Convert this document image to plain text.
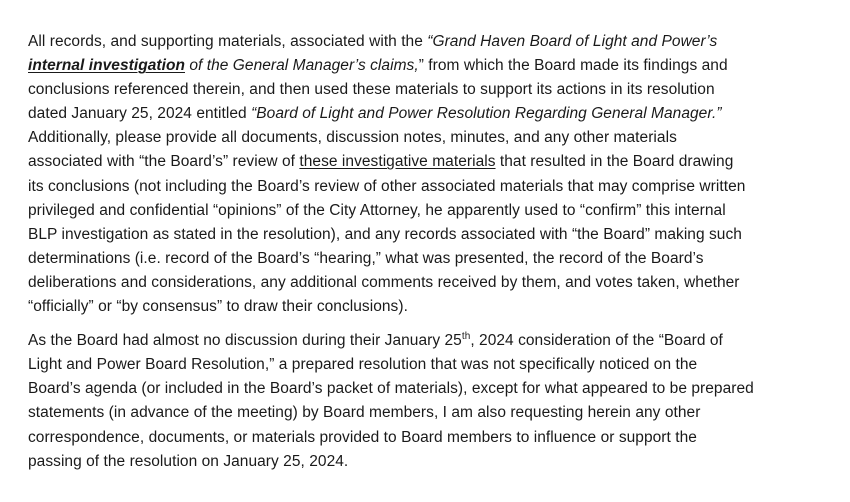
All records, and supporting materials, associated with the “Grand Haven Board of Light and Power’s
internal investigation of the General Manager’s claims,” from which the Board made its findings and
conclusions referenced therein, and then used these materials to support its actions in its resolution
dated January 25, 2024 entitled “Board of Light and Power Resolution Regarding General Manager.”
Additionally, please provide all documents, discussion notes, minutes, and any other materials
associated with “the Board’s” review of these investigative materials that resulted in the Board drawing
its conclusions (not including the Board’s review of other associated materials that may comprise written
privileged and confidential “opinions” of the City Attorney, he apparently used to “confirm” this internal
BLP investigation as stated in the resolution), and any records associated with “the Board” making such
determinations (i.e. record of the Board’s “hearing,” what was presented, the record of the Board’s
deliberations and considerations, any additional comments received by them, and votes taken, whether
“officially” or “by consensus” to draw their conclusions).

As the Board had almost no discussion during their January 25th, 2024 consideration of the “Board of
Light and Power Board Resolution,” a prepared resolution that was not specifically noticed on the
Board’s agenda (or included in the Board’s packet of materials), except for what appeared to be prepared
statements (in advance of the meeting) by Board members, I am also requesting herein any other
correspondence, documents, or materials provided to Board members to influence or support the
passing of the resolution on January 25, 2024.
